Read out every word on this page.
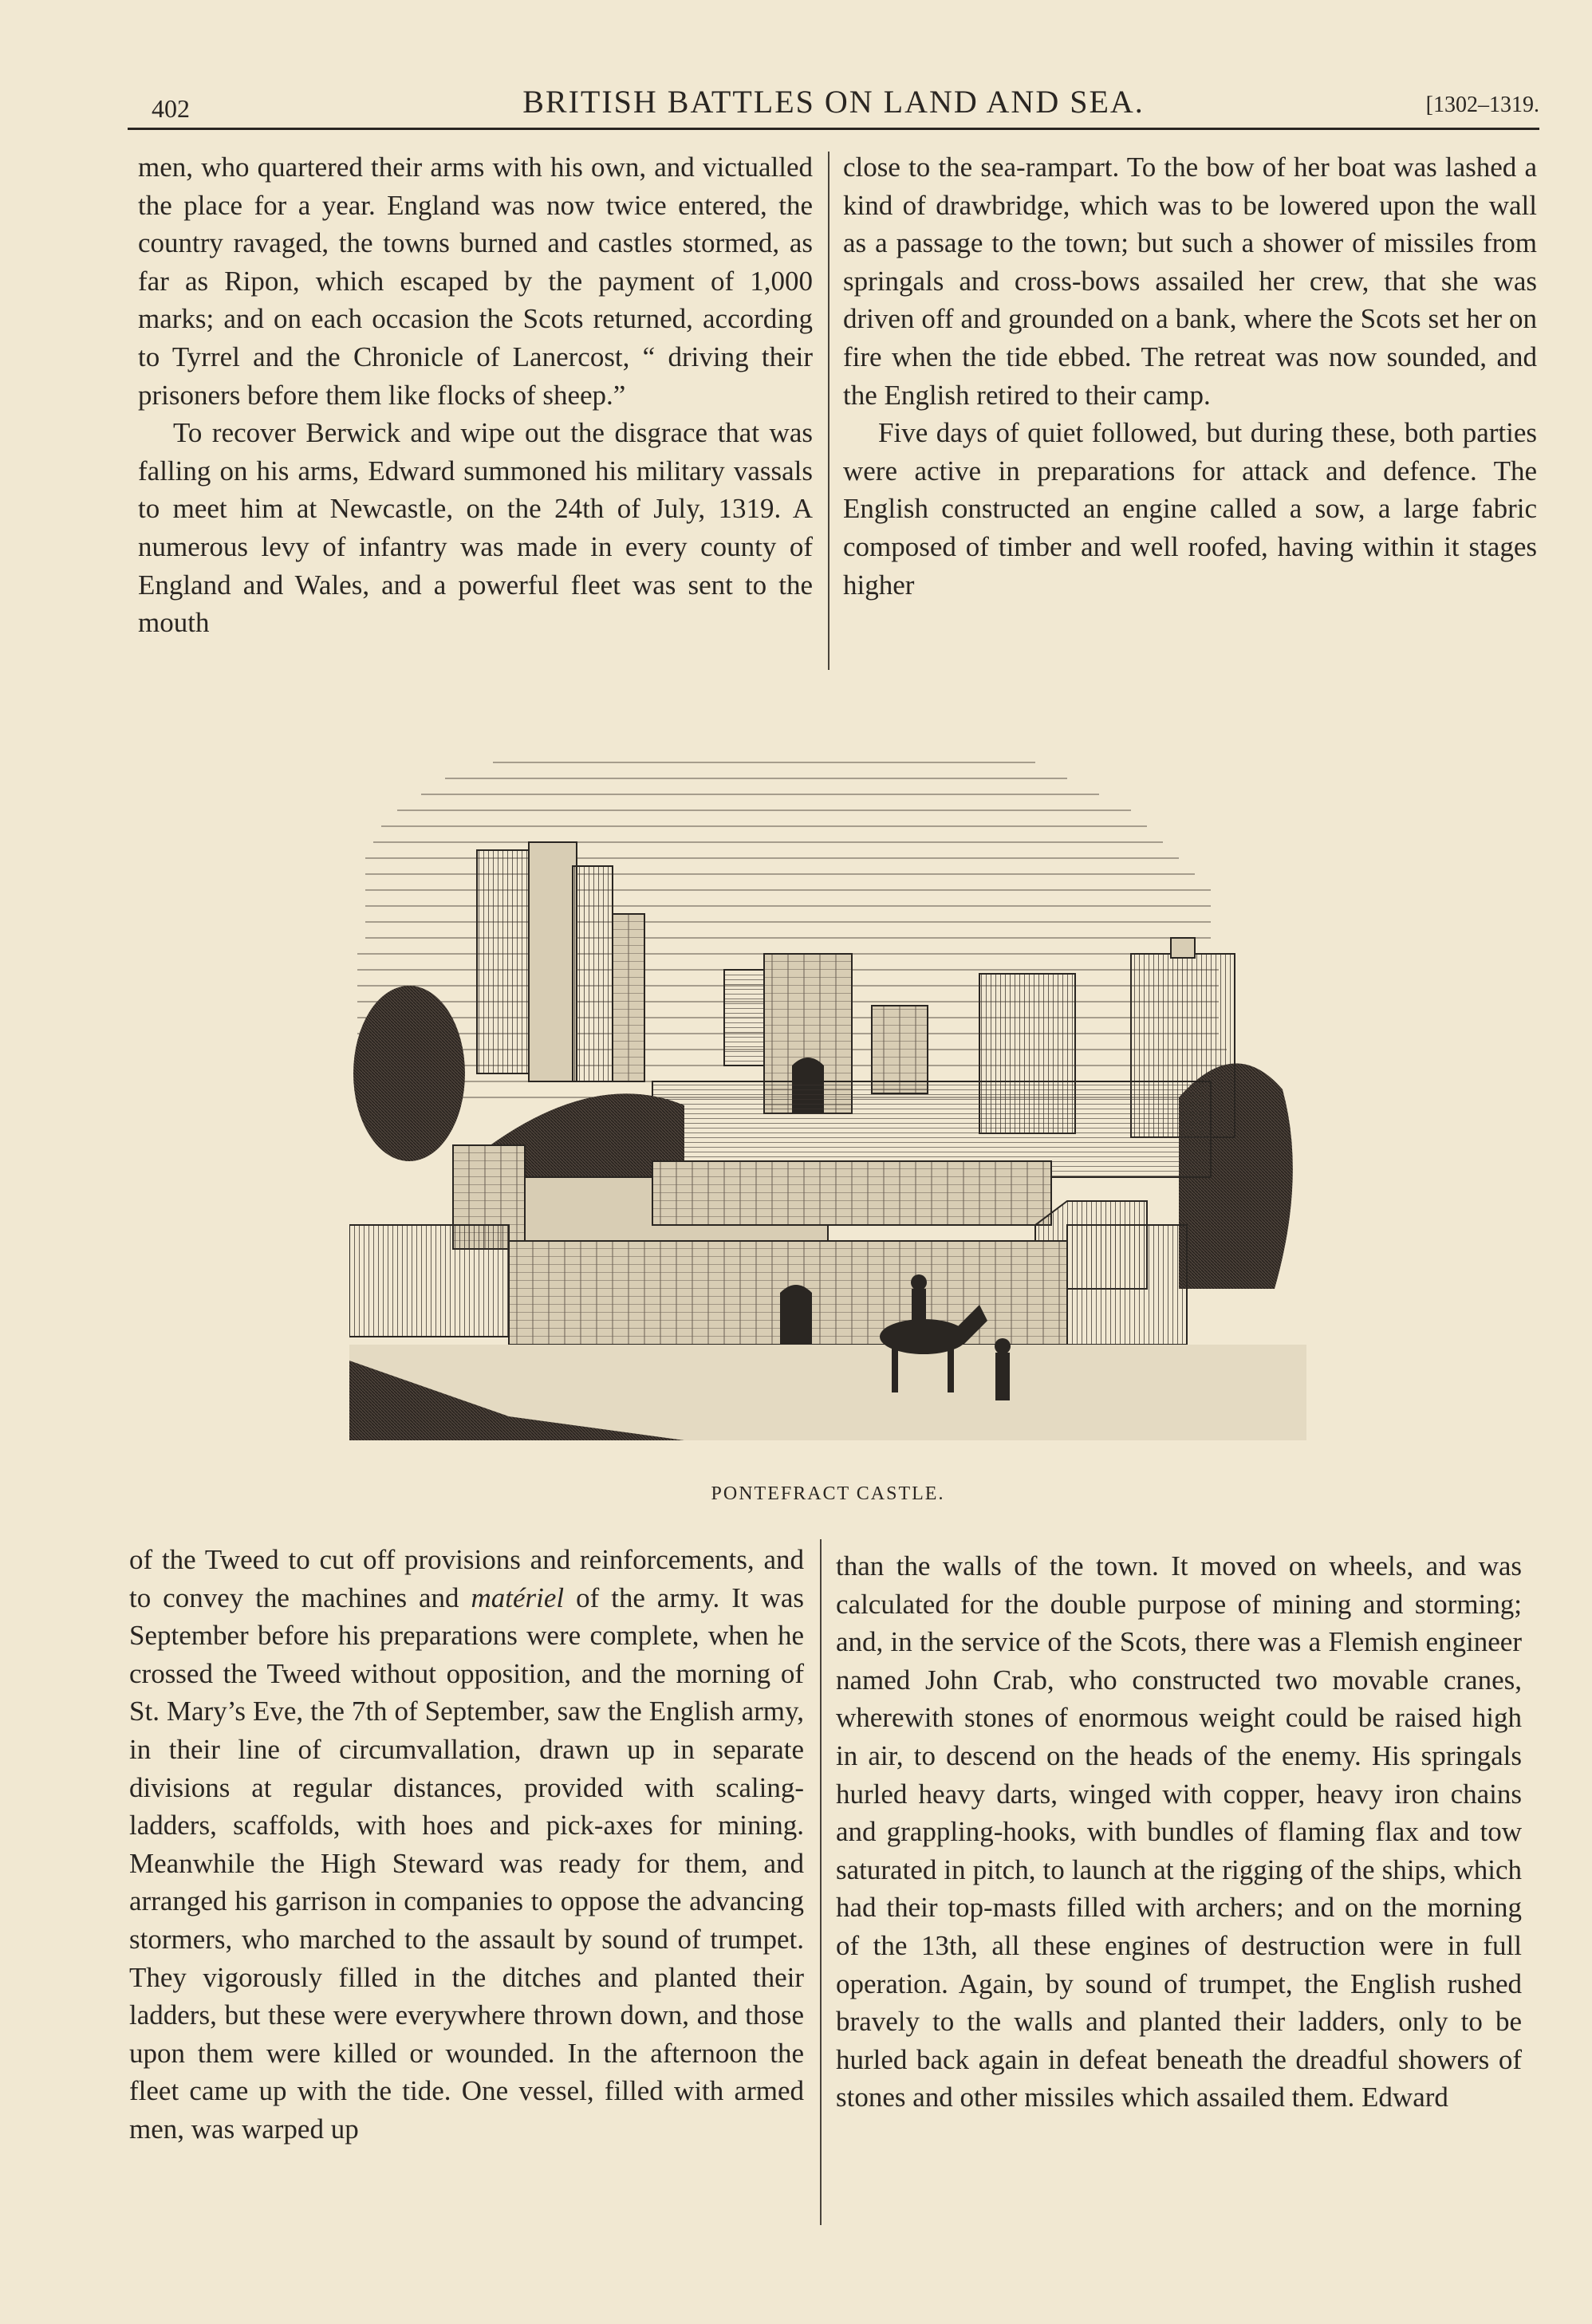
402	BRITISH BATTLES ON LAND AND SEA.	[1302–1319.

men, who quartered their arms with his own, and victualled the place for a year. England was now twice entered, the country ravaged, the towns burned and castles stormed, as far as Ripon, which escaped by the payment of 1,000 marks; and on each occasion the Scots returned, according to Tyrrel and the Chronicle of Lanercost, “ driving their prisoners before them like flocks of sheep.”

To recover Berwick and wipe out the disgrace that was falling on his arms, Edward summoned his military vassals to meet him at Newcastle, on the 24th of July, 1319. A numerous levy of infantry was made in every county of England and Wales, and a powerful fleet was sent to the mouth

close to the sea-rampart. To the bow of her boat was lashed a kind of drawbridge, which was to be lowered upon the wall as a passage to the town; but such a shower of missiles from springals and cross-bows assailed her crew, that she was driven off and grounded on a bank, where the Scots set her on fire when the tide ebbed. The retreat was now sounded, and the English retired to their camp.

Five days of quiet followed, but during these, both parties were active in preparations for attack and defence. The English constructed an engine called a sow, a large fabric composed of timber and well roofed, having within it stages higher

PONTEFRACT CASTLE.

of the Tweed to cut off provisions and reinforcements, and to convey the machines and matériel of the army. It was September before his preparations were complete, when he crossed the Tweed without opposition, and the morning of St. Mary’s Eve, the 7th of September, saw the English army, in their line of circumvallation, drawn up in separate divisions at regular distances, provided with scaling-ladders, scaffolds, with hoes and pick-axes for mining. Meanwhile the High Steward was ready for them, and arranged his garrison in companies to oppose the advancing stormers, who marched to the assault by sound of trumpet. They vigorously filled in the ditches and planted their ladders, but these were everywhere thrown down, and those upon them were killed or wounded. In the afternoon the fleet came up with the tide. One vessel, filled with armed men, was warped up

than the walls of the town. It moved on wheels, and was calculated for the double purpose of mining and storming; and, in the service of the Scots, there was a Flemish engineer named John Crab, who constructed two movable cranes, wherewith stones of enormous weight could be raised high in air, to descend on the heads of the enemy. His springals hurled heavy darts, winged with copper, heavy iron chains and grappling-hooks, with bundles of flaming flax and tow saturated in pitch, to launch at the rigging of the ships, which had their top-masts filled with archers; and on the morning of the 13th, all these engines of destruction were in full operation. Again, by sound of trumpet, the English rushed bravely to the walls and planted their ladders, only to be hurled back again in defeat beneath the dreadful showers of stones and other missiles which assailed them. Edward
